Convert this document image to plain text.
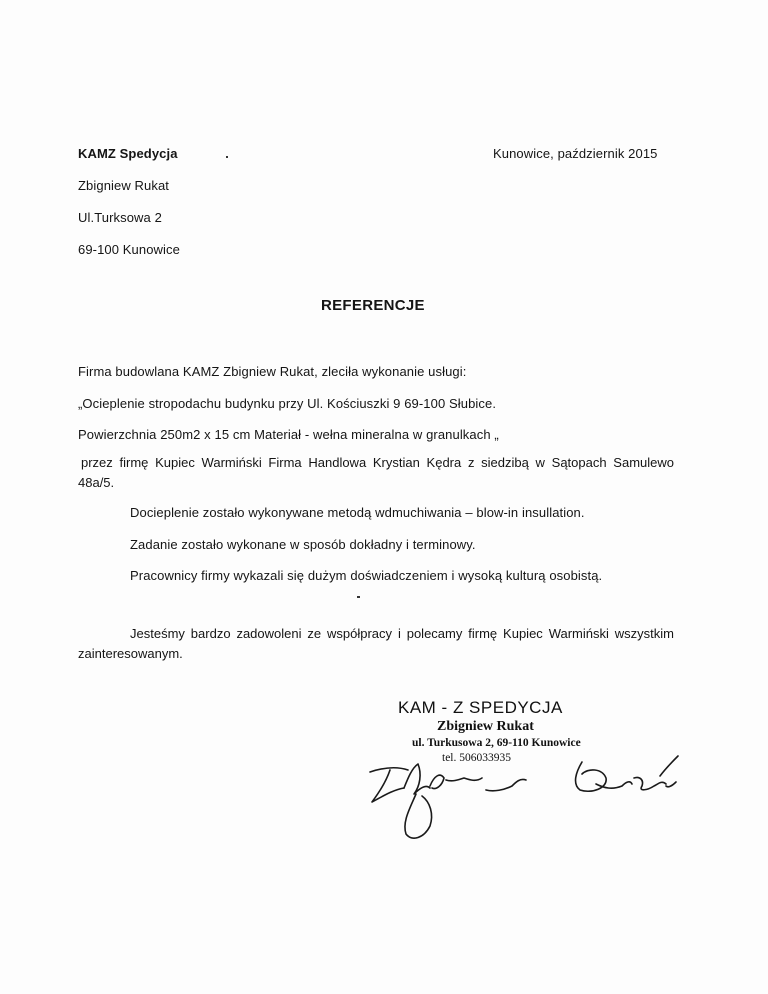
KAMZ Spedycja
Zbigniew Rukat
Ul.Turksowa 2
69-100 Kunowice
Kunowice, październik 2015
REFERENCJE
Firma budowlana KAMZ Zbigniew Rukat, zleciła wykonanie usługi:
„Ocieplenie stropodachu budynku przy Ul. Kościuszki 9 69-100 Słubice.
Powierzchnia 250m2 x 15 cm Materiał - wełna mineralna w granulkach „
przez firmę Kupiec Warmiński Firma Handlowa Krystian Kędra z siedzibą w Sątopach Samulewo 48a/5.
Docieplenie zostało wykonywane metodą wdmuchiwania – blow-in insullation.
Zadanie zostało wykonane w sposób dokładny i terminowy.
Pracownicy firmy wykazali się dużym doświadczeniem i wysoką kulturą osobistą.
Jesteśmy bardzo zadowoleni ze współpracy i polecamy firmę Kupiec Warmiński wszystkim zainteresowanym.
KAM - Z SPEDYCJA
Zbigniew Rukat
ul. Turkusowa 2, 69-110 Kunowice
tel. 506033935
